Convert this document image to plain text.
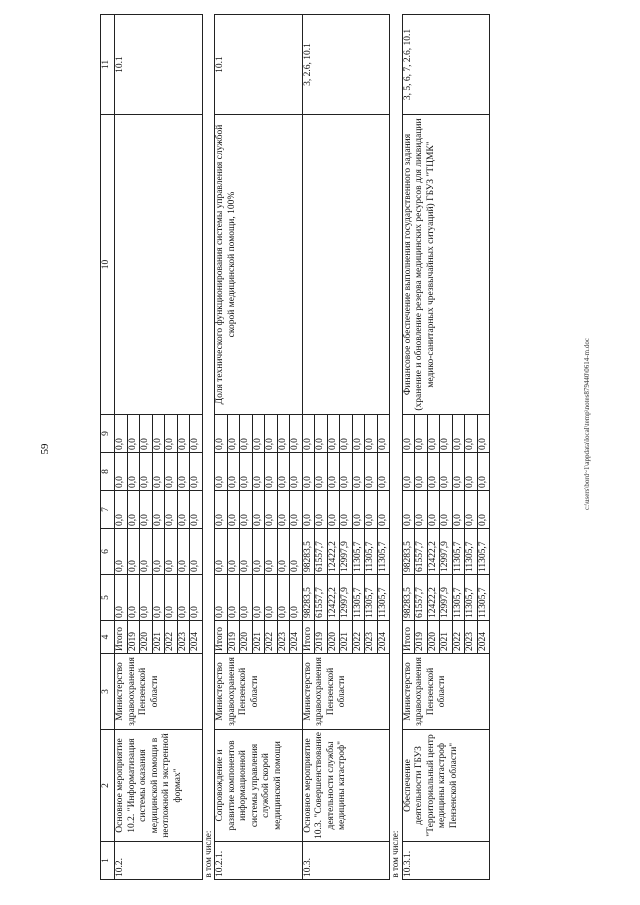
59
1	2	3	4	5	6	7	8	9	10	11
10.2.	Основное мероприятие 10.2. "Информатизация системы оказания медицинской помощи в неотложной и экстренной формах"	Министерство здравоохранения Пензенской области	Итого	0,0	0,0	0,0	0,0	0,0		10.1
			2019	0,0	0,0	0,0	0,0	0,0		
			2020	0,0	0,0	0,0	0,0	0,0		
			2021	0,0	0,0	0,0	0,0	0,0		
			2022	0,0	0,0	0,0	0,0	0,0		
			2023	0,0	0,0	0,0	0,0	0,0		
			2024	0,0	0,0	0,0	0,0	0,0		
в том числе:										
10.2.1.	Сопровождение и развитие компонентов информационной системы управления службой скорой медицинской помощи	Министерство здравоохранения Пензенской области	Итого	0,0	0,0	0,0	0,0	0,0	Доля технического функционирования системы управления службой скорой медицинской помощи, 100%	10.1
			2019	0,0	0,0	0,0	0,0	0,0		
			2020	0,0	0,0	0,0	0,0	0,0		
			2021	0,0	0,0	0,0	0,0	0,0		
			2022	0,0	0,0	0,0	0,0	0,0		
			2023	0,0	0,0	0,0	0,0	0,0		
			2024	0,0	0,0	0,0	0,0	0,0		
10.3.	Основное мероприятие 10.3. "Совершенствование деятельности службы медицины катастроф"	Министерство здравоохранения Пензенской области	Итого	98283,5	98283,5	0,0	0,0	0,0		3, 2.6, 10.1
			2019	61557,7	61557,7	0,0	0,0	0,0		
			2020	12422,2	12422,2	0,0	0,0	0,0		
			2021	12997,9	12997,9	0,0	0,0	0,0		
			2022	11305,7	11305,7	0,0	0,0	0,0		
			2023	11305,7	11305,7	0,0	0,0	0,0		
			2024	11305,7	11305,7	0,0	0,0	0,0		
в том числе:										
10.3.1.	Обеспечение деятельности ГБУЗ "Территориальный центр медицины катастроф Пензенской области"	Министерство здравоохранения Пензенской области	Итого	98283,5	98283,5	0,0	0,0	0,0	Финансовое обеспечение выполнения государственного задания (хранение и обновление резерва медицинских ресурсов для ликвидации медико-санитарных чрезвычайных ситуаций) ГБУЗ "ТЦМК"	3, 5, 6, 7, 2.6, 10.1
			2019	61557,7	61557,7	0,0	0,0	0,0		
			2020	12422,2	12422,2	0,0	0,0	0,0		
			2021	12997,9	12997,9	0,0	0,0	0,0		
			2022	11305,7	11305,7	0,0	0,0	0,0		
			2023	11305,7	11305,7	0,0	0,0	0,0		
			2024	11305,7	11305,7	0,0	0,0	0,0			c:\users\bord~1\appdata\local\temp\notes879440\0614-m.doc
